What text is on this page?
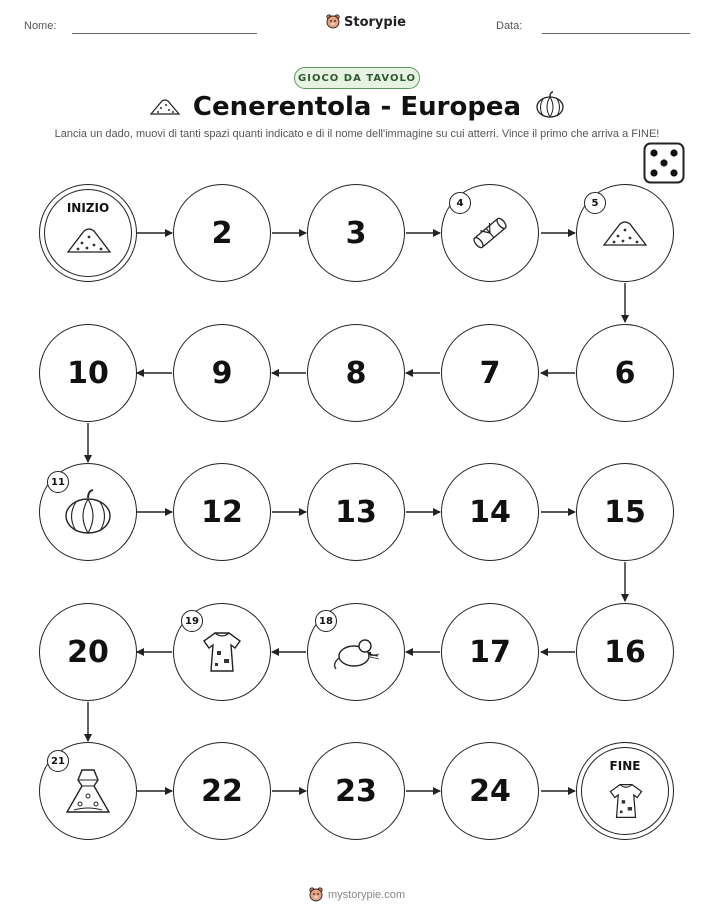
Nome:	Storypie	Data:
GIOCO DA TAVOLO
Cenerentola - Europea
Lancia un dado, muovi di tanti spazi quanti indicato e di il nome dell'immagine su cui atterri. Vince il primo che arriva a FINE!
INIZIO
2	3
4	5
10	9	8	7	6
11
12	13	14	15
20
19	18
17	16
21
22	23	24
FINE
mystorypie.com
